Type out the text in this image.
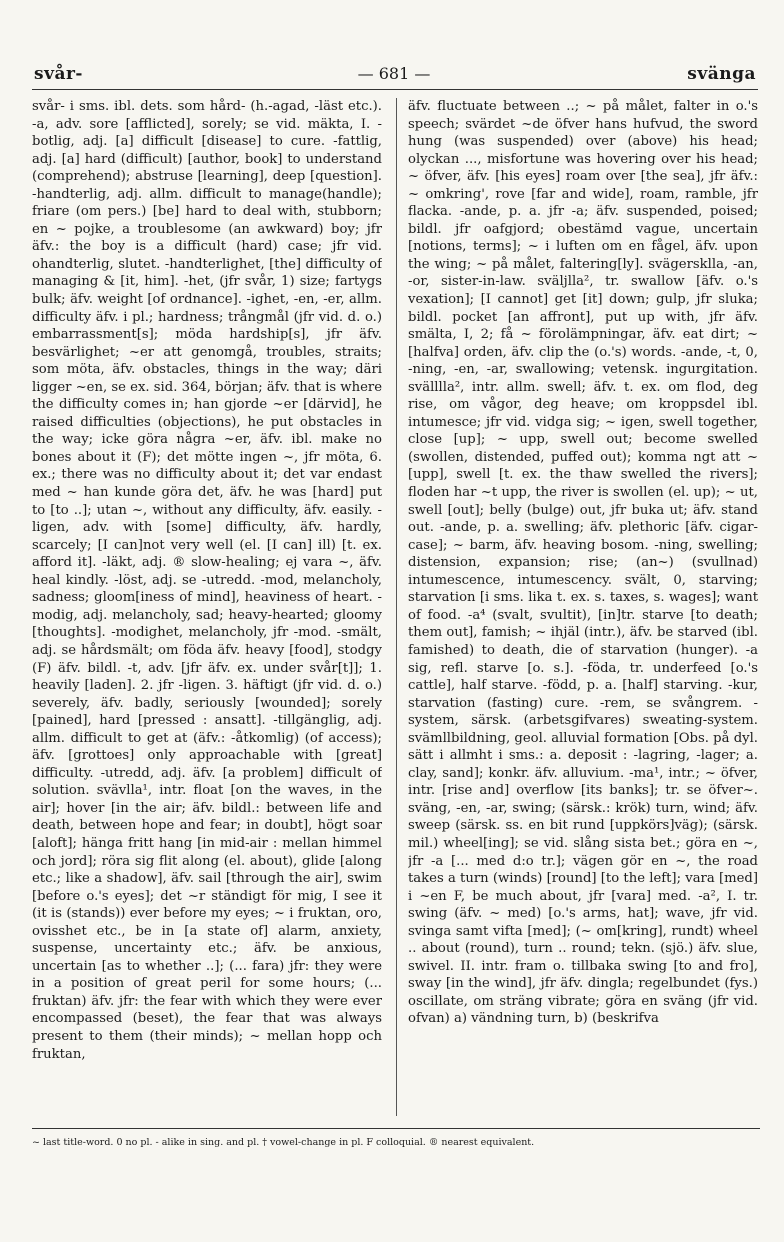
svår-	— 681 —	svänga

svår- i sms. ibl. dets. som hård- (h.-agad, -läst etc.). -a, adv. sore [afflicted], sorely; se vid. mäkta, I. -botlig, adj. [a] difficult [disease] to cure. -fattlig, adj. [a] hard (difficult) [author, book] to understand (comprehend); abstruse [learning], deep [question]. -handterlig, adj. allm. difficult to manage(handle); friare (om pers.) [be] hard to deal with, stubborn; en ~ pojke, a troublesome (an awkward) boy; jfr äfv.: the boy is a difficult (hard) case; jfr vid. ohandterlig, slutet. -handterlighet, [the] difficulty of managing & [it, him]. -het, (jfr svår, 1) size; fartygs bulk; äfv. weight [of ordnance]. -ighet, -en, -er, allm. difficulty äfv. i pl.; hardness; trångmål (jfr vid. d. o.) embarrassment[s]; möda hardship[s], jfr äfv. besvärlighet; ~er att genomgå, troubles, straits; som möta, äfv. obstacles, things in the way; däri ligger ~en, se ex. sid. 364, början; äfv. that is where the difficulty comes in; han gjorde ~er [därvid], he raised difficulties (objections), he put obstacles in the way; icke göra några ~er, äfv. ibl. make no bones about it (F); det mötte ingen ~, jfr möta, 6. ex.; there was no difficulty about it; det var endast med ~ han kunde göra det, äfv. he was [hard] put to [to ..]; utan ~, without any difficulty, äfv. easily. -ligen, adv. with [some] difficulty, äfv. hardly, scarcely; [I can]not very well (el. [I can] ill) [t. ex. afford it]. -läkt, adj. ® slow-healing; ej vara ~, äfv. heal kindly. -löst, adj. se -utredd. -mod, melancholy, sadness; gloom[iness of mind], heaviness of heart. -modig, adj. melancholy, sad; heavy-hearted; gloomy [thoughts]. -modighet, melancholy, jfr -mod. -smält, adj. se hårdsmält; om föda äfv. heavy [food], stodgy (F) äfv. bildl. -t, adv. [jfr äfv. ex. under svår[t]]; 1. heavily [laden]. 2. jfr -ligen. 3. häftigt (jfr vid. d. o.) severely, äfv. badly, seriously [wounded]; sorely [pained], hard [pressed : ansatt]. -tillgänglig, adj. allm. difficult to get at (äfv.: -åtkomlig) (of access); äfv. [grottoes] only approachable with [great] difficulty. -utredd, adj. äfv. [a problem] difficult of solution. svävlla¹, intr. float [on the waves, in the air]; hover [in the air; äfv. bildl.: between life and death, between hope and fear; in doubt], högt soar [aloft]; hänga fritt hang [in mid-air : mellan himmel och jord]; röra sig flit along (el. about), glide [along etc.; like a shadow], äfv. sail [through the air], swim [before o.'s eyes]; det ~r ständigt för mig, I see it (it is (stands)) ever before my eyes; ~ i fruktan, oro, ovisshet etc., be in [a state of] alarm, anxiety, suspense, uncertainty etc.; äfv. be anxious, uncertain [as to whether ..]; (... fara) jfr: they were in a position of great peril for some hours; (... fruktan) äfv. jfr: the fear with which they were ever encompassed (beset), the fear that was always present to them (their minds); ~ mellan hopp och fruktan,

äfv. fluctuate between ..; ~ på målet, falter in o.'s speech; svärdet ~de öfver hans hufvud, the sword hung (was suspended) over (above) his head; olyckan ..., misfortune was hovering over his head; ~ öfver, äfv. [his eyes] roam over [the sea], jfr äfv.: ~ omkring', rove [far and wide], roam, ramble, jfr flacka. -ande, p. a. jfr -a; äfv. suspended, poised; bildl. jfr oafgjord; obestämd vague, uncertain [notions, terms]; ~ i luften om en fågel, äfv. upon the wing; ~ på målet, faltering[ly]. svägersklla, -an, -or, sister-in-law. sväljlla², tr. swallow [äfv. o.'s vexation]; [I cannot] get [it] down; gulp, jfr sluka; bildl. pocket [an affront], put up with, jfr äfv. smälta, I, 2; få ~ förolämpningar, äfv. eat dirt; ~ [halfva] orden, äfv. clip the (o.'s) words. -ande, -t, 0, -ning, -en, -ar, swallowing; vetensk. ingurgitation. svälllla², intr. allm. swell; äfv. t. ex. om flod, deg rise, om vågor, deg heave; om kroppsdel ibl. intumesce; jfr vid. vidga sig; ~ igen, swell together, close [up]; ~ upp, swell out; become swelled (swollen, distended, puffed out); komma ngt att ~ [upp], swell [t. ex. the thaw swelled the rivers]; floden har ~t upp, the river is swollen (el. up); ~ ut, swell [out]; belly (bulge) out, jfr buka ut; äfv. stand out. -ande, p. a. swelling; äfv. plethoric [äfv. cigar-case]; ~ barm, äfv. heaving bosom. -ning, swelling; distension, expansion; rise; (an~) (svullnad) intumescence, intumescency. svält, 0, starving; starvation [i sms. lika t. ex. s. taxes, s. wages]; want of food. -a⁴ (svalt, svultit), [in]tr. starve [to death; them out], famish; ~ ihjäl (intr.), äfv. be starved (ibl. famished) to death, die of starvation (hunger). -a sig, refl. starve [o. s.]. -föda, tr. underfeed [o.'s cattle], half starve. -född, p. a. [half] starving. -kur, starvation (fasting) cure. -rem, se svångrem. -system, särsk. (arbetsgifvares) sweating-system. svämllbildning, geol. alluvial formation [Obs. på dyl. sätt i allmht i sms.: a. deposit : -lagring, -lager; a. clay, sand]; konkr. äfv. alluvium. -ma¹, intr.; ~ öfver, intr. [rise and] overflow [its banks]; tr. se öfver~. sväng, -en, -ar, swing; (särsk.: krök) turn, wind; äfv. sweep (särsk. ss. en bit rund [uppkörs]väg); (särsk. mil.) wheel[ing]; se vid. slång sista bet.; göra en ~, jfr -a [... med d:o tr.]; vägen gör en ~, the road takes a turn (winds) [round] [to the left]; vara [med] i ~en F, be much about, jfr [vara] med. -a², I. tr. swing (äfv. ~ med) [o.'s arms, hat]; wave, jfr vid. svinga samt vifta [med]; (~ om[kring], rundt) wheel .. about (round), turn .. round; tekn. (sjö.) äfv. slue, swivel. II. intr. fram o. tillbaka swing [to and fro], sway [in the wind], jfr äfv. dingla; regelbundet (fys.) oscillate, om sträng vibrate; göra en sväng (jfr vid. ofvan) a) vändning turn, b) (beskrifva

~ last title-word. 0 no pl. - alike in sing. and pl. † vowel-change in pl. F colloquial. ® nearest equivalent.
